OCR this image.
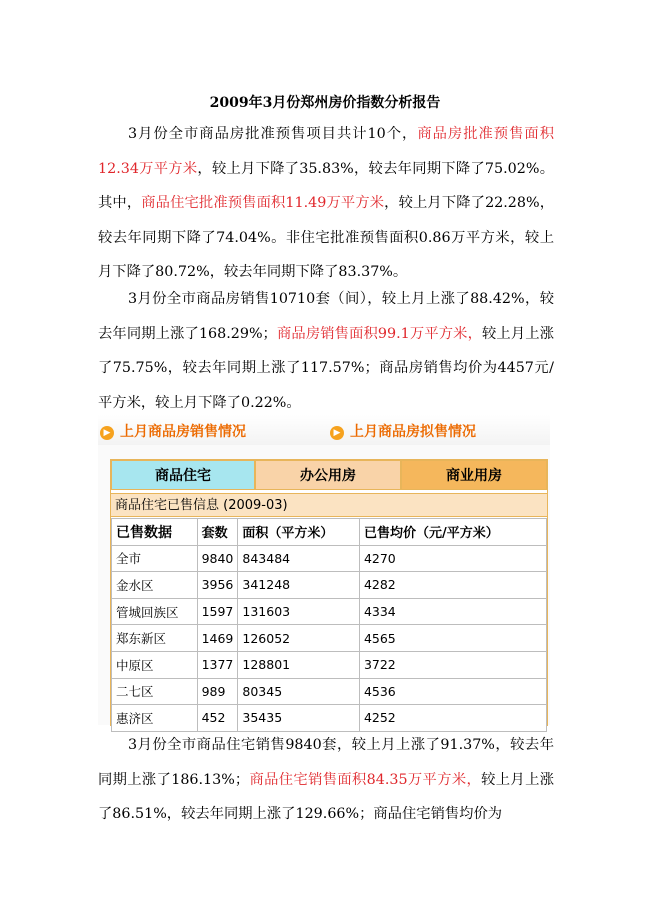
2009年3月份郑州房价指数分析报告
3月份全市商品房批准预售项目共计10个，商品房批准预售面积12.34万平方米，较上月下降了35.83%，较去年同期下降了75.02%。其中，商品住宅批准预售面积11.49万平方米，较上月下降了22.28%，较去年同期下降了74.04%。非住宅批准预售面积0.86万平方米，较上月下降了80.72%，较去年同期下降了83.37%。
3月份全市商品房销售10710套（间），较上月上涨了88.42%，较去年同期上涨了168.29%；商品房销售面积99.1万平方米，较上月上涨了75.75%，较去年同期上涨了117.57%；商品房销售均价为4457元/平方米，较上月下降了0.22%。
▶ 上月商品房销售情况	▶ 上月商品房拟售情况
商品住宅	办公用房	商业用房
商品住宅已售信息 (2009-03)
已售数据	套数	面积（平方米）	已售均价（元/平方米）
全市	9840	843484	4270
金水区	3956	341248	4282
管城回族区	1597	131603	4334
郑东新区	1469	126052	4565
中原区	1377	128801	3722
二七区	989	80345	4536
惠济区	452	35435	4252
3月份全市商品住宅销售9840套，较上月上涨了91.37%，较去年同期上涨了186.13%；商品住宅销售面积84.35万平方米，较上月上涨了86.51%，较去年同期上涨了129.66%；商品住宅销售均价为
